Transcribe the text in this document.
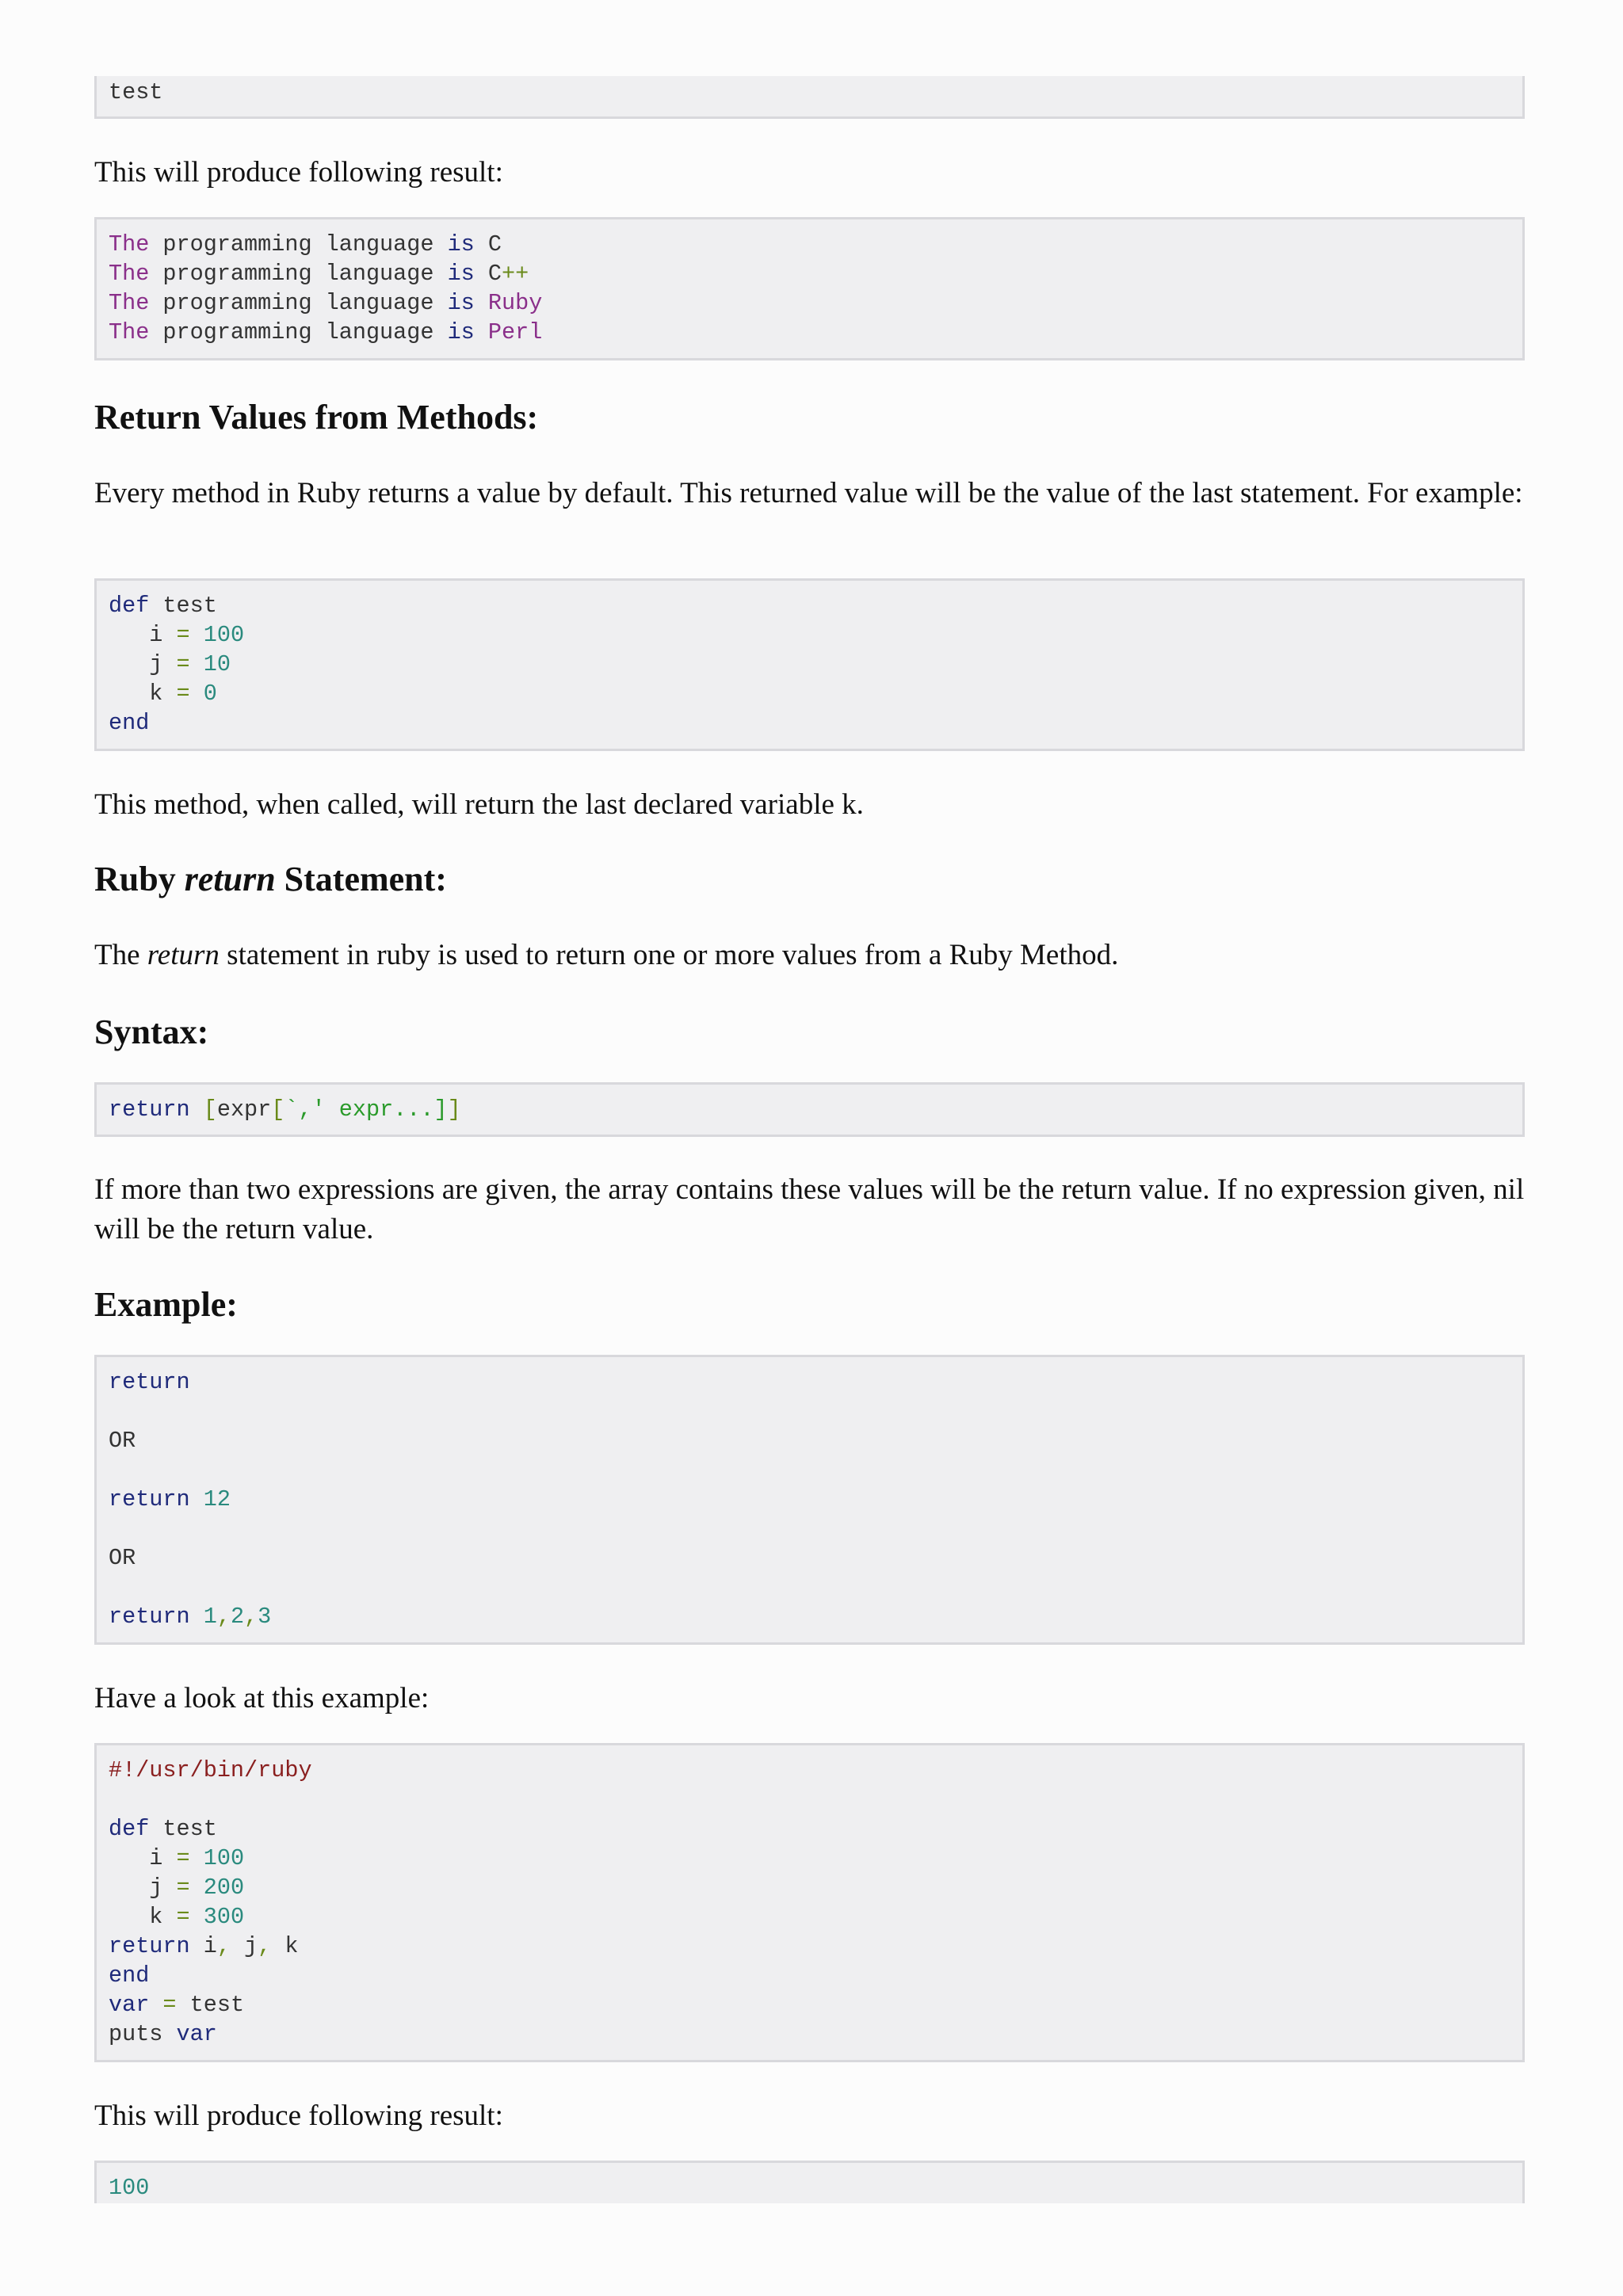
test
This will produce following result:
The programming language is C
The programming language is C++
The programming language is Ruby
The programming language is Perl
Return Values from Methods:
Every method in Ruby returns a value by default. This returned value will be the value of the last statement. For example:
def test
i = 100
j = 10
k = 0
end
This method, when called, will return the last declared variable k.
Ruby return Statement:
The return statement in ruby is used to return one or more values from a Ruby Method.
Syntax:
return [expr[`,' expr...]]
If more than two expressions are given, the array contains these values will be the return value. If no expression given, nil will be the return value.
Example:
return
OR
return 12
OR
return 1,2,3
Have a look at this example:
#!/usr/bin/ruby
def test
i = 100
j = 200
k = 300
return i, j, k
end
var = test
puts var
This will produce following result:
100
